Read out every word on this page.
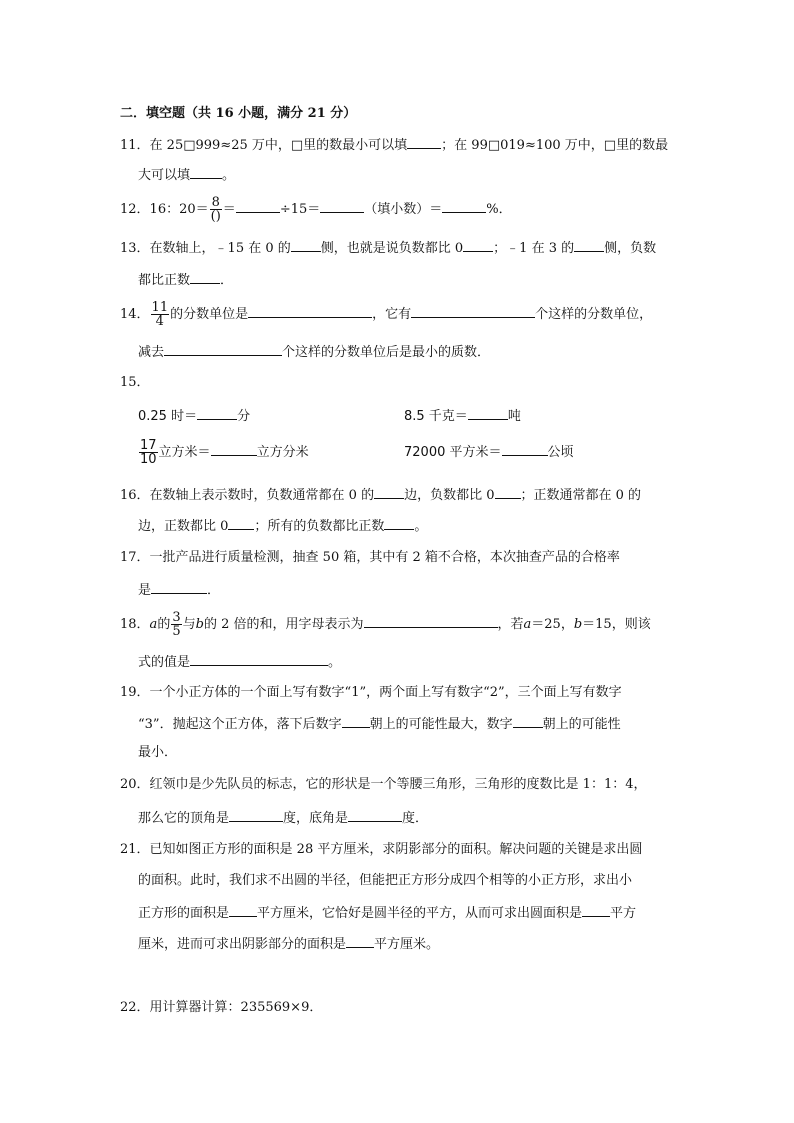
二．填空题（共 16 小题，满分 21 分）
11．在 25□999≈25 万中，□里的数最小可以填	；在 99□019≈100 万中，□里的数最
大可以填 。
12．16：$20= \frac{8}{()}$ ＝	÷15＝	（填小数）＝	%．
13．在数轴上，﹣15 在 0 的 侧，也就是说负数都比 0 ；﹣1 在 3 的 侧，负数
都比正数 ．
14． $\frac{11}{4}$ 的分数单位是	，它有	个这样的分数单位，
减去	个这样的分数单位后是最小的质数．
15．
0.25 时＝	分	8.5 千克＝	吨
$\frac{17}{10}$ 立方米＝	立方分米	72000 平方米＝	公顷
16．在数轴上表示数时，负数通常都在 0 的 边，负数都比 0 ；正数通常都在 0 的
边，正数都比 0 ；所有的负数都比正数 。
17．一批产品进行质量检测，抽查 50 箱，其中有 2 箱不合格，本次抽查产品的合格率
是	．
18．a的 $\frac{3}{5}$ 与b的 2 倍的和，用字母表示为	，若a＝25，b＝15，则该
式的值是	。
19．一个小正方体的一个面上写有数字“1”，两个面上写有数字“2”，三个面上写有数字
“3”．抛起这个正方体，落下后数字 朝上的可能性最大，数字 朝上的可能性
最小．
20．红领巾是少先队员的标志，它的形状是一个等腰三角形，三角形的度数比是 1：1：4，
那么它的顶角是	度，底角是	度．
21．已知如图正方形的面积是 28 平方厘米，求阴影部分的面积。解决问题的关键是求出圆
的面积。此时，我们求不出圆的半径，但能把正方形分成四个相等的小正方形，求出小
正方形的面积是 平方厘米，它恰好是圆半径的平方，从而可求出圆面积是 平方
厘米，进而可求出阴影部分的面积是 平方厘米。
22．用计算器计算：235569×9．
